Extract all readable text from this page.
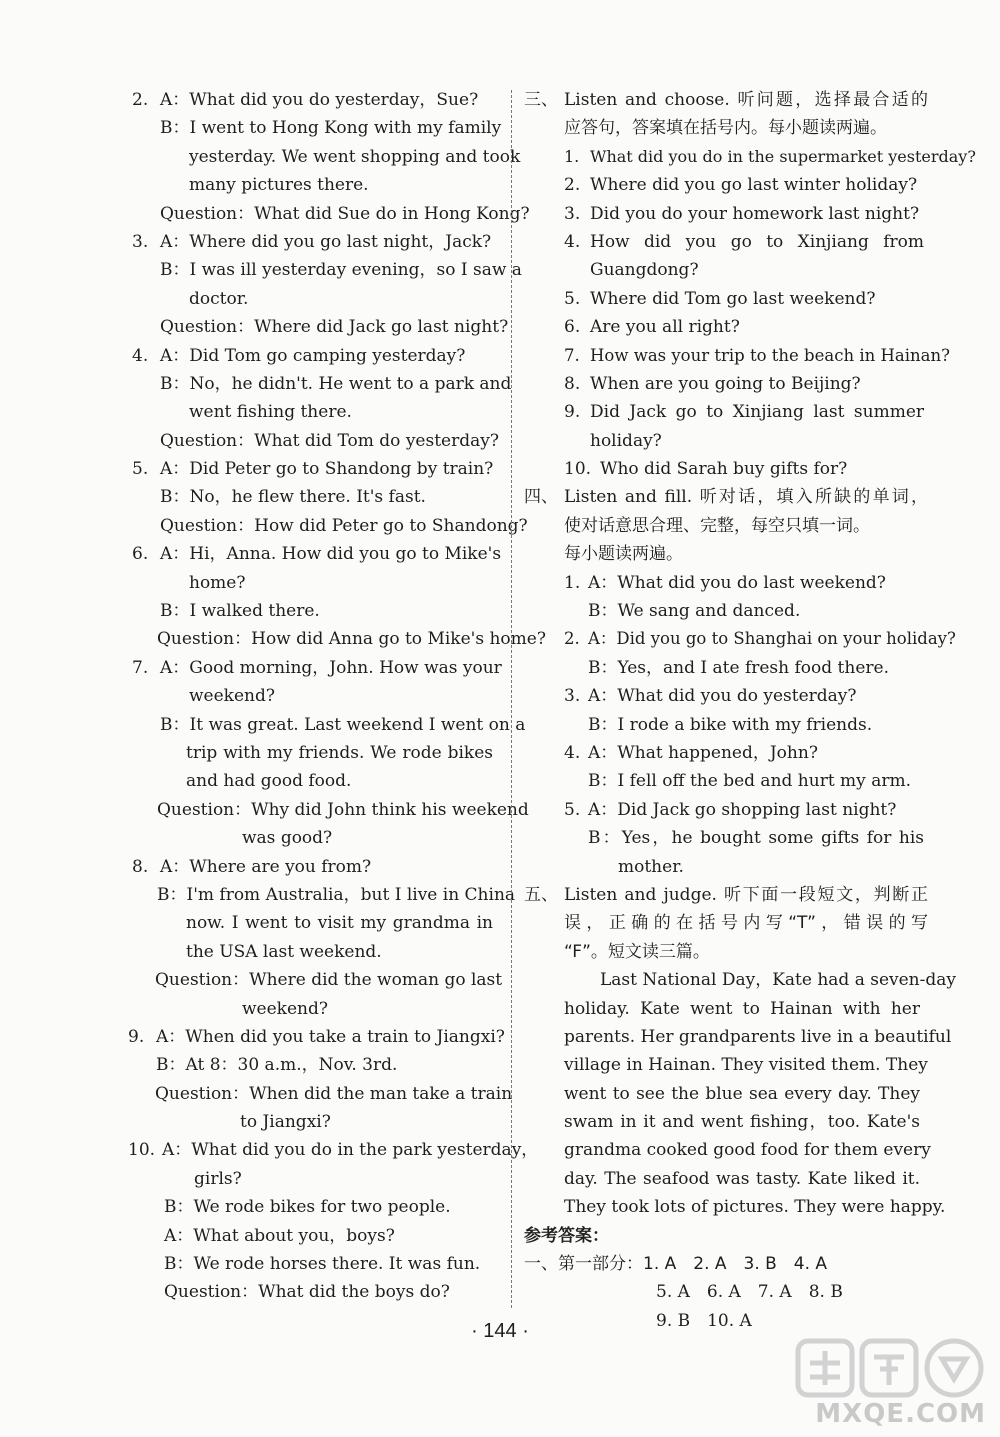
2. A：What did you do yesterday，Sue?
B：I went to Hong Kong with my family
yesterday. We went shopping and took
many pictures there.
Question：What did Sue do in Hong Kong?
3. A：Where did you go last night，Jack?
B：I was ill yesterday evening，so I saw a
doctor.
Question：Where did Jack go last night?
4. A：Did Tom go camping yesterday?
B：No，he didn't. He went to a park and
went fishing there.
Question：What did Tom do yesterday?
5. A：Did Peter go to Shandong by train?
B：No，he flew there. It's fast.
Question：How did Peter go to Shandong?
6. A：Hi，Anna. How did you go to Mike's
home?
B：I walked there.
Question：How did Anna go to Mike's home?
7. A：Good morning，John. How was your
weekend?
B：It was great. Last weekend I went on a
trip with my friends. We rode bikes
and had good food.
Question：Why did John think his weekend
was good?
8. A：Where are you from?
B：I'm from Australia，but I live in China
now. I went to visit my grandma in
the USA last weekend.
Question：Where did the woman go last
weekend?
9. A：When did you take a train to Jiangxi?
B：At 8：30 a.m.，Nov. 3rd.
Question：When did the man take a train
to Jiangxi?
10. A：What did you do in the park yesterday，
girls?
B：We rode bikes for two people.
A：What about you，boys?
B：We rode horses there. It was fun.
Question：What did the boys do?
三、 Listen and choose. 听问题，选择最合适的
应答句，答案填在括号内。每小题读两遍。
1. What did you do in the supermarket yesterday?
2. Where did you go last winter holiday?
3. Did you do your homework last night?
4. How did you go to Xinjiang from
Guangdong?
5. Where did Tom go last weekend?
6. Are you all right?
7. How was your trip to the beach in Hainan?
8. When are you going to Beijing?
9. Did Jack go to Xinjiang last summer
holiday?
10. Who did Sarah buy gifts for?
四、 Listen and fill. 听对话，填入所缺的单词，
使对话意思合理、完整，每空只填一词。
每小题读两遍。
1. A：What did you do last weekend?
B：We sang and danced.
2. A：Did you go to Shanghai on your holiday?
B：Yes，and I ate fresh food there.
3. A：What did you do yesterday?
B：I rode a bike with my friends.
4. A：What happened，John?
B：I fell off the bed and hurt my arm.
5. A：Did Jack go shopping last night?
B：Yes，he bought some gifts for his
mother.
五、 Listen and judge. 听下面一段短文，判断正
误，正确的在括号内写“T”，错误的写
“F”。短文读三篇。
Last National Day，Kate had a seven-day
holiday. Kate went to Hainan with her
parents. Her grandparents live in a beautiful
village in Hainan. They visited them. They
went to see the blue sea every day. They
swam in it and went fishing，too. Kate's
grandma cooked good food for them every
day. The seafood was tasty. Kate liked it.
They took lots of pictures. They were happy.
参考答案：
一、第一部分：1. A　2. A　3. B　4. A
5. A　6. A　7. A　8. B
9. B　10. A
· 144 ·
MXQE.COM
